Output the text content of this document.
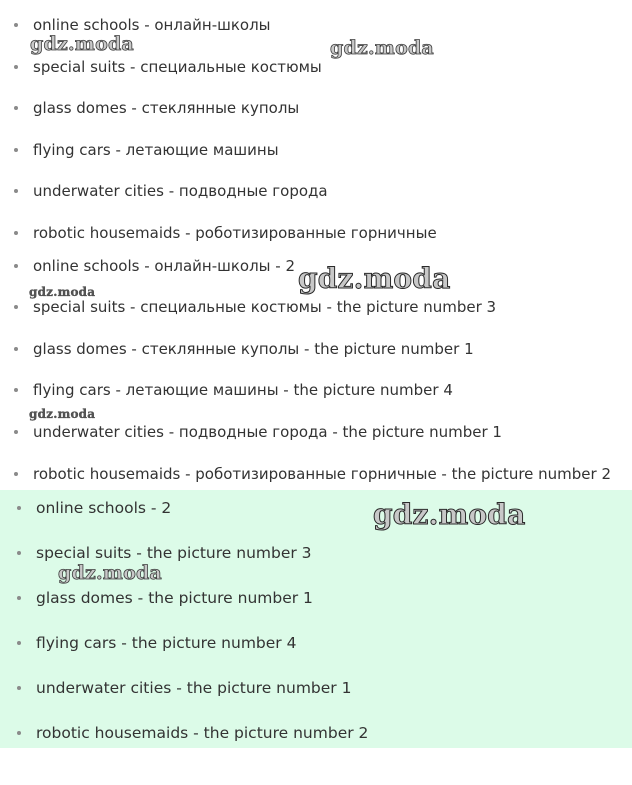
online schools - онлайн-школы
special suits - специальные костюмы
glass domes - стеклянные куполы
flying cars - летающие машины
underwater cities - подводные города
robotic housemaids - роботизированные горничные
online schools - онлайн-школы - 2
special suits - специальные костюмы - the picture number 3
glass domes - стеклянные куполы - the picture number 1
flying cars - летающие машины - the picture number 4
underwater cities - подводные города - the picture number 1
robotic housemaids - роботизированные горничные - the picture number 2
online schools - 2
special suits - the picture number 3
glass domes - the picture number 1
flying cars - the picture number 4
underwater cities - the picture number 1
robotic housemaids - the picture number 2
gdz.moda	gdz.moda
gdz.moda
gdz.moda
gdz.moda
gdz.moda
gdz.moda
